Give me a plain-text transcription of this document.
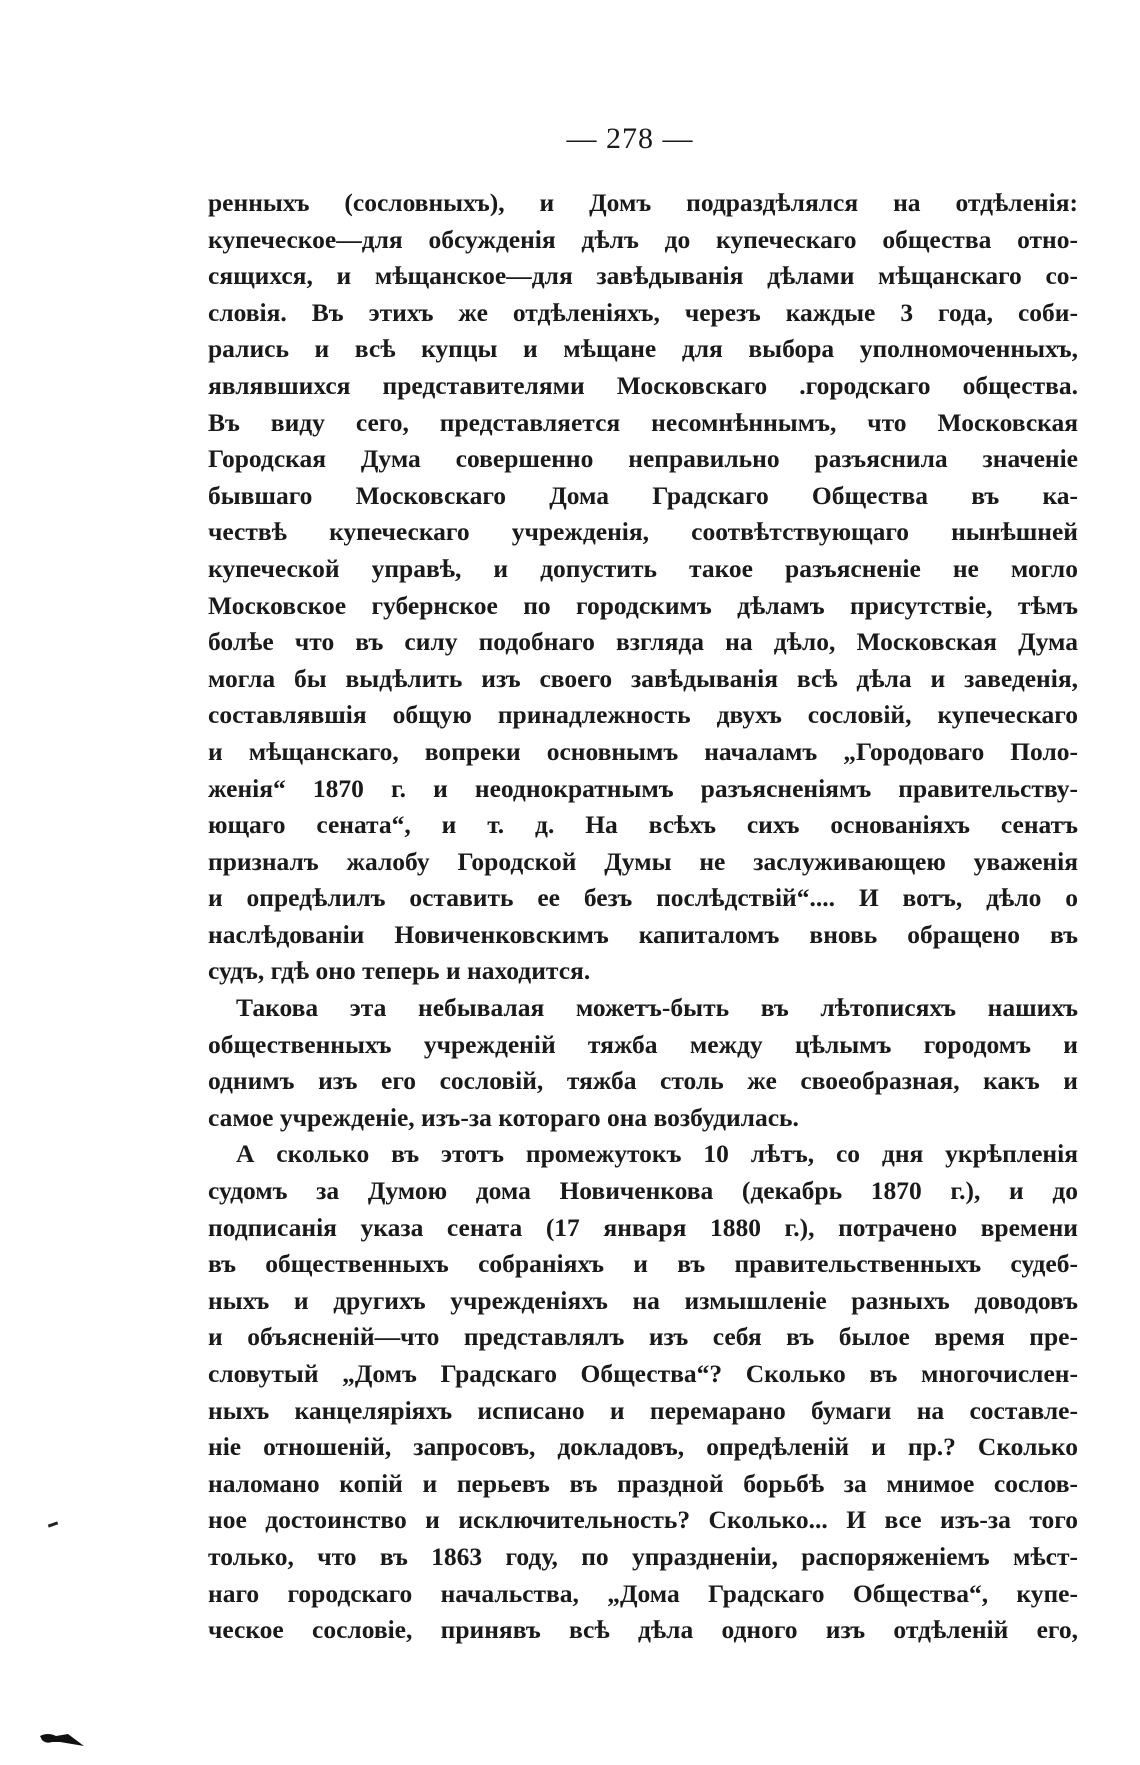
— 278 —
ренныхъ (сословныхъ), и Домъ подраздѣлялся на отдѣленія:
купеческое—для обсужденія дѣлъ до купеческаго общества отно-
сящихся, и мѣщанское—для завѣдыванія дѣлами мѣщанскаго со-
словія. Въ этихъ же отдѣленіяхъ, черезъ каждые 3 года, соби-
рались и всѣ купцы и мѣщане для выбора уполномоченныхъ,
являвшихся представителями Московскаго .городскаго общества.
Въ виду сего, представляется несомнѣннымъ, что Московская
Городская Дума совершенно неправильно разъяснила значеніе
бывшаго Московскаго Дома Градскаго Общества въ ка-
чествѣ купеческаго учрежденія, соотвѣтствующаго нынѣшней
купеческой управѣ, и допустить такое разъясненіе не могло
Московское губернское по городскимъ дѣламъ присутствіе, тѣмъ
болѣе что въ силу подобнаго взгляда на дѣло, Московская Дума
могла бы выдѣлить изъ своего завѣдыванія всѣ дѣла и заведенія,
составлявшія общую принадлежность двухъ сословій, купеческаго
и мѣщанскаго, вопреки основнымъ началамъ „Городоваго Поло-
женія“ 1870 г. и неоднократнымъ разъясненіямъ правительству-
ющаго сената“, и т. д. На всѣхъ сихъ основаніяхъ сенатъ
призналъ жалобу Городской Думы не заслуживающею уваженія
и опредѣлилъ оставить ее безъ послѣдствій“.... И вотъ, дѣло о
наслѣдованіи Новиченковскимъ капиталомъ вновь обращено въ
судъ, гдѣ оно теперь и находится.
Такова эта небывалая можетъ-быть въ лѣтописяхъ нашихъ
общественныхъ учрежденій тяжба между цѣлымъ городомъ и
однимъ изъ его сословій, тяжба столь же своеобразная, какъ и
самое учрежденіе, изъ-за котораго она возбудилась.
А сколько въ этотъ промежутокъ 10 лѣтъ, со дня укрѣпленія
судомъ за Думою дома Новиченкова (декабрь 1870 г.), и до
подписанія указа сената (17 января 1880 г.), потрачено времени
въ общественныхъ собраніяхъ и въ правительственныхъ судеб-
ныхъ и другихъ учрежденіяхъ на измышленіе разныхъ доводовъ
и объясненій—что представлялъ изъ себя въ былое время пре-
словутый „Домъ Градскаго Общества“? Сколько въ многочислен-
ныхъ канцеляріяхъ исписано и перемарано бумаги на составле-
ніе отношеній, запросовъ, докладовъ, опредѣленій и пр.? Сколько
наломано копій и перьевъ въ праздной борьбѣ за мнимое сослов-
ное достоинство и исключительность? Сколько... И все изъ-за того
только, что въ 1863 году, по упраздненіи, распоряженіемъ мѣст-
наго городскаго начальства, „Дома Градскаго Общества“, купе-
ческое сословіе, принявъ всѣ дѣла одного изъ отдѣленій его,
